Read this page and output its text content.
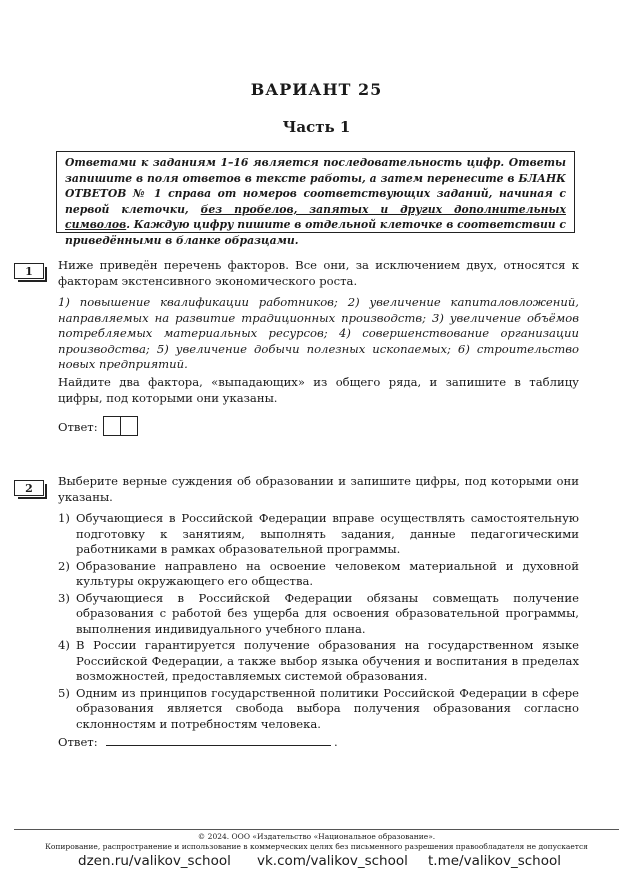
ВАРИАНТ 25
Часть 1
Ответами к заданиям 1–16 является последовательность цифр. Ответы запишите в поля ответов в тексте работы, а затем перенесите в БЛАНК ОТВЕТОВ № 1 справа от номеров соответствующих заданий, начиная с первой клеточки, без пробелов, запятых и других дополнительных символов. Каждую цифру пишите в отдельной клеточке в соответствии с приведёнными в бланке образцами.
1	Ниже приведён перечень факторов. Все они, за исключением двух, относятся к факторам экстенсивного экономического роста.
1) повышение квалификации работников; 2) увеличение капиталовложений, направляемых на развитие традиционных производств; 3) увеличение объёмов потребляемых материальных ресурсов; 4) совершенствование организации производства; 5) увеличение добычи полезных ископаемых; 6) строительство новых предприятий.
Найдите два фактора, «выпадающих» из общего ряда, и запишите в таблицу цифры, под которыми они указаны.
Ответ:
2
Выберите верные суждения об образовании и запишите цифры, под которыми они указаны.
1) Обучающиеся в Российской Федерации вправе осуществлять самостоятельную подготовку к занятиям, выполнять задания, данные педагогическими работниками в рамках образовательной программы.
2) Образование направлено на освоение человеком материальной и духовной культуры окружающего его общества.
3) Обучающиеся в Российской Федерации обязаны совмещать получение образования с работой без ущерба для освоения образовательной программы, выполнения индивидуального учебного плана.
4) В России гарантируется получение образования на государственном языке Российской Федерации, а также выбор языка обучения и воспитания в пределах возможностей, предоставляемых системой образования.
5) Одним из принципов государственной политики Российской Федерации в сфере образования является свобода выбора получения образования согласно склонностям и потребностям человека.
Ответ:	.
© 2024. ООО «Издательство «Национальное образование».
Копирование, распространение и использование в коммерческих целях без письменного разрешения правообладателя не допускается
dzen.ru/valikov_school vk.com/valikov_school t.me/valikov_school
